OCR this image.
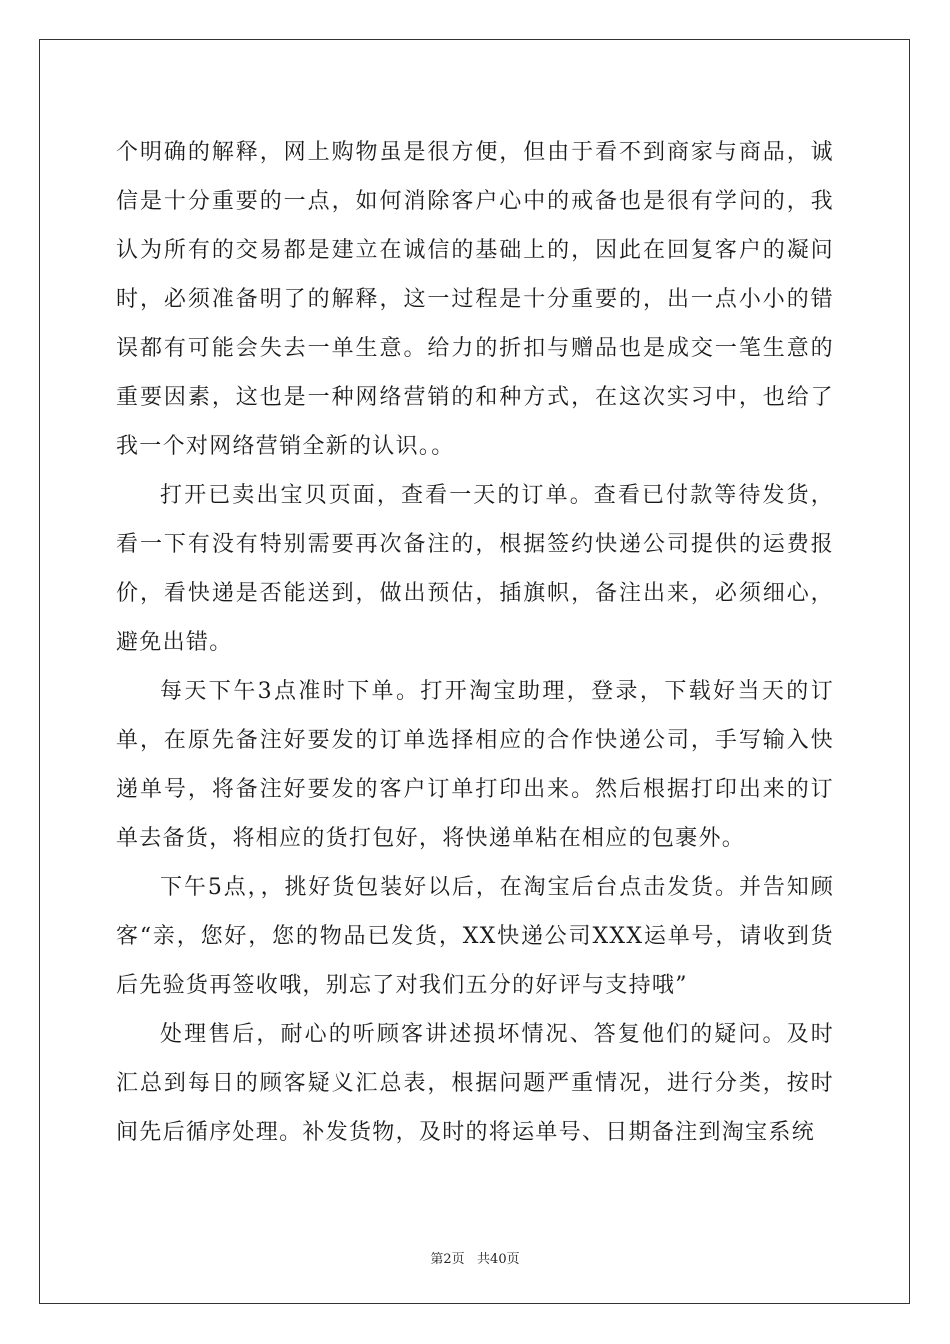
个明确的解释，网上购物虽是很方便，但由于看不到商家与商品，诚信是十分重要的一点，如何消除客户心中的戒备也是很有学问的，我认为所有的交易都是建立在诚信的基础上的，因此在回复客户的凝问时，必须准备明了的解释，这一过程是十分重要的，出一点小小的错误都有可能会失去一单生意。给力的折扣与赠品也是成交一笔生意的重要因素，这也是一种网络营销的和种方式，在这次实习中，也给了我一个对网络营销全新的认识。。

打开已卖出宝贝页面，查看一天的订单。查看已付款等待发货，看一下有没有特别需要再次备注的，根据签约快递公司提供的运费报价，看快递是否能送到，做出预估，插旗帜，备注出来，必须细心，避免出错。

每天下午3点准时下单。打开淘宝助理，登录，下载好当天的订单，在原先备注好要发的订单选择相应的合作快递公司，手写输入快递单号，将备注好要发的客户订单打印出来。然后根据打印出来的订单去备货，将相应的货打包好，将快递单粘在相应的包裹外。

下午5点，，挑好货包装好以后，在淘宝后台点击发货。并告知顾客“亲，您好，您的物品已发货，XX快递公司XXX运单号，请收到货后先验货再签收哦，别忘了对我们五分的好评与支持哦”

处理售后，耐心的听顾客讲述损坏情况、答复他们的疑问。及时汇总到每日的顾客疑义汇总表，根据问题严重情况，进行分类，按时间先后循序处理。补发货物，及时的将运单号、日期备注到淘宝系统

第2页   共40页
